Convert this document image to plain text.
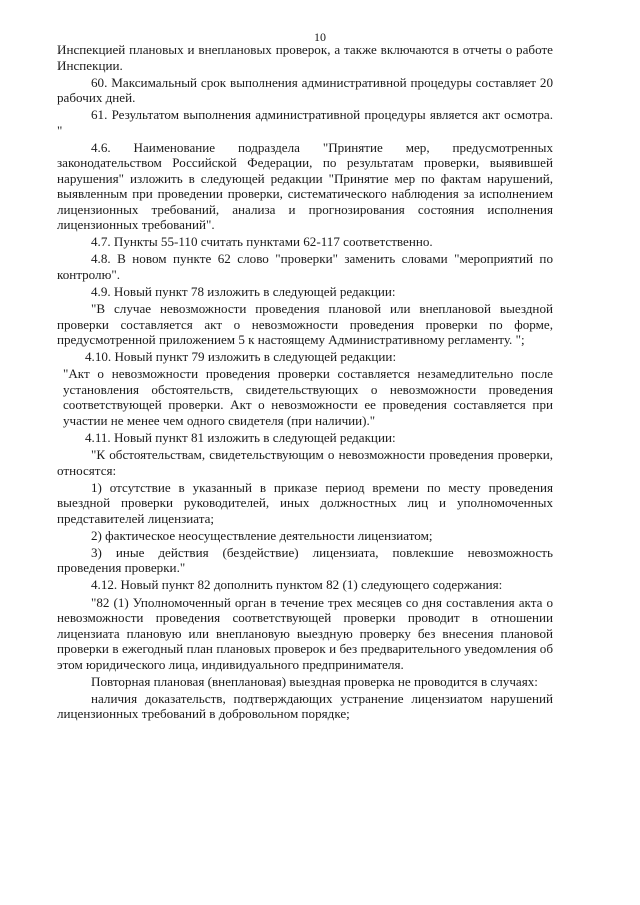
10

Инспекцией плановых и внеплановых проверок, а также включаются в отчеты о работе Инспекции.

60. Максимальный срок выполнения административной процедуры составляет 20 рабочих дней.

61. Результатом выполнения административной процедуры является акт осмотра. "

4.6. Наименование подраздела "Принятие мер, предусмотренных законодательством Российской Федерации, по результатам проверки, выявившей нарушения" изложить в следующей редакции "Принятие мер по фактам нарушений, выявленным при проведении проверки, систематического наблюдения за исполнением лицензионных требований, анализа и прогнозирования состояния исполнения лицензионных требований".

4.7. Пункты 55-110 считать пунктами 62-117 соответственно.

4.8. В новом пункте 62 слово "проверки" заменить словами "мероприятий по контролю".

4.9. Новый пункт 78 изложить в следующей редакции:

"В случае невозможности проведения плановой или внеплановой выездной проверки составляется акт о невозможности проведения проверки по форме, предусмотренной приложением 5 к настоящему Административному регламенту. ";

4.10. Новый пункт 79 изложить в следующей редакции:

"Акт о невозможности проведения проверки составляется незамедлительно после установления обстоятельств, свидетельствующих о невозможности проведения соответствующей проверки. Акт о невозможности ее проведения составляется при участии не менее чем одного свидетеля (при наличии)."

4.11. Новый пункт 81 изложить в следующей редакции:

"К обстоятельствам, свидетельствующим о невозможности проведения проверки, относятся:

1) отсутствие в указанный в приказе период времени по месту проведения выездной проверки руководителей, иных должностных лиц и уполномоченных представителей лицензиата;

2) фактическое неосуществление деятельности лицензиатом;

3) иные действия (бездействие) лицензиата, повлекшие невозможность проведения проверки."

4.12. Новый пункт 82 дополнить пунктом 82 (1) следующего содержания:

"82 (1) Уполномоченный орган в течение трех месяцев со дня составления акта о невозможности проведения соответствующей проверки проводит в отношении лицензиата плановую или внеплановую выездную проверку без внесения плановой проверки в ежегодный план плановых проверок и без предварительного уведомления об этом юридического лица, индивидуального предпринимателя.

Повторная плановая (внеплановая) выездная проверка не проводится в случаях:

наличия доказательств, подтверждающих устранение лицензиатом нарушений лицензионных требований в добровольном порядке;
